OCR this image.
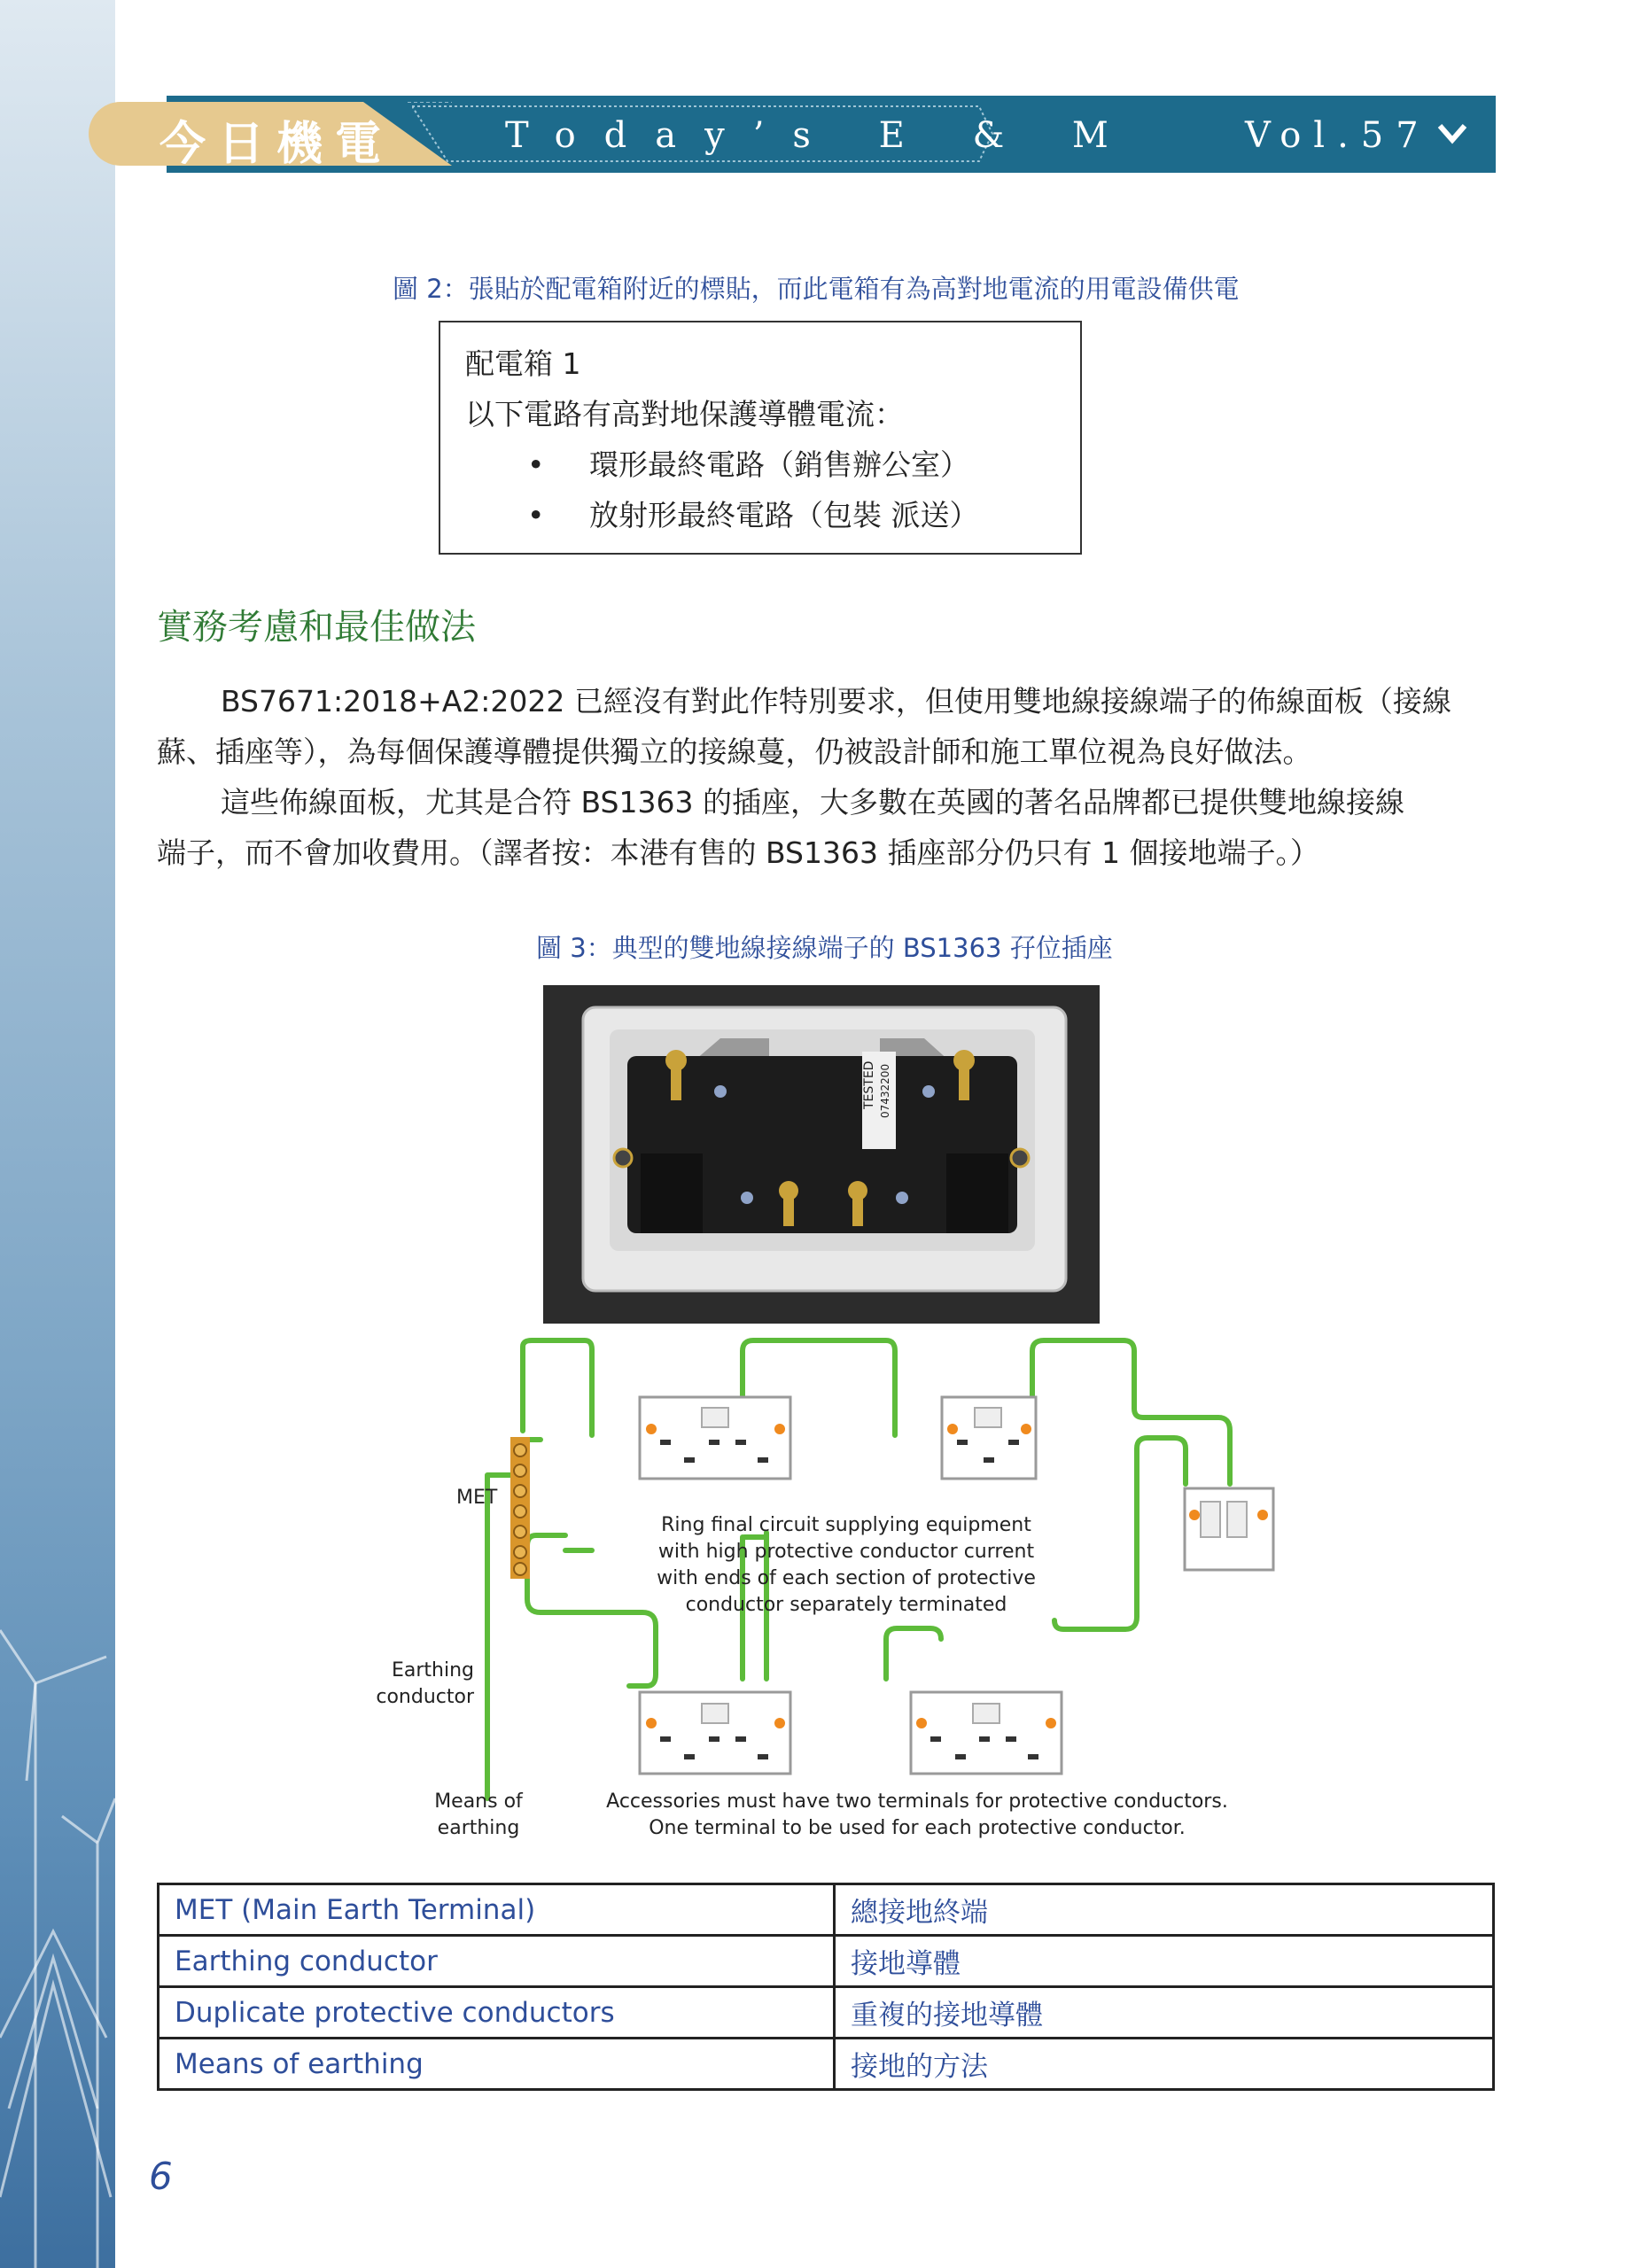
今日機電	Today’s E & M	Vol.57
圖 2：張貼於配電箱附近的標貼，而此電箱有為高對地電流的用電設備供電
配電箱 1
以下電路有高對地保護導體電流：
• 環形最終電路（銷售辦公室）
• 放射形最終電路（包裝 派送）
實務考慮和最佳做法
BS7671:2018+A2:2022 已經沒有對此作特別要求，但使用雙地線接線端子的佈線面板（接線
蘇、插座等），為每個保護導體提供獨立的接線蔓，仍被設計師和施工單位視為良好做法。
這些佈線面板，尤其是合符 BS1363 的插座，大多數在英國的著名品牌都已提供雙地線接線
端子，而不會加收費用。（譯者按：本港有售的 BS1363 插座部分仍只有 1 個接地端子。）
圖 3：典型的雙地線接線端子的 BS1363 孖位插座
TESTED 07432200
MET
Ring final circuit supplying equipment
with high protective conductor current
with ends of each section of protective
conductor separately terminated
Earthing
conductor
Means of
earthing
Accessories must have two terminals for protective conductors.
One terminal to be used for each protective conductor.
MET (Main Earth Terminal)	總接地終端
Earthing conductor	接地導體
Duplicate protective conductors	重複的接地導體
Means of earthing	接地的方法
6
